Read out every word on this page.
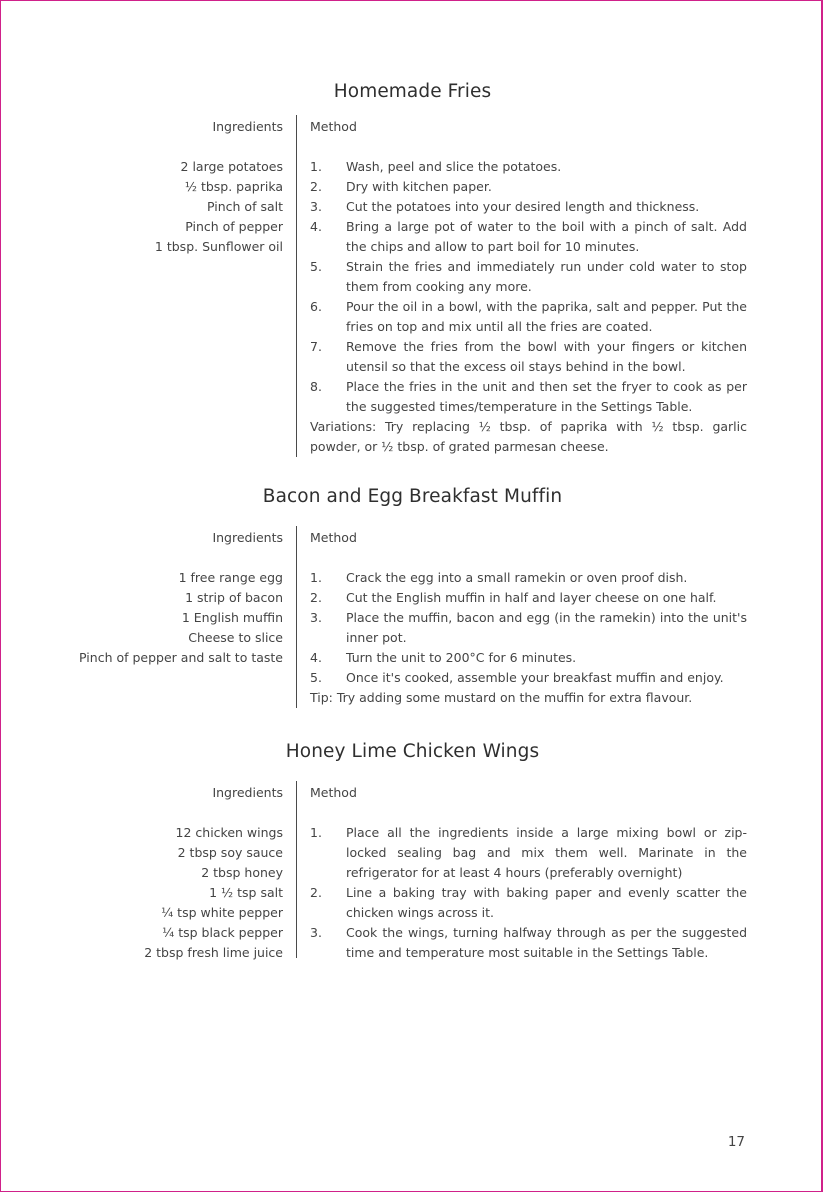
Homemade Fries
Ingredients Method
2 large potatoes
½ tbsp. paprika
Pinch of salt
Pinch of pepper
1 tbsp. Sunflower oil
1. Wash, peel and slice the potatoes.
2. Dry with kitchen paper.
3. Cut the potatoes into your desired length and thickness.
4. Bring a large pot of water to the boil with a pinch of salt. Add the chips and allow to part boil for 10 minutes.
5. Strain the fries and immediately run under cold water to stop them from cooking any more.
6. Pour the oil in a bowl, with the paprika, salt and pepper. Put the fries on top and mix until all the fries are coated.
7. Remove the fries from the bowl with your fingers or kitchen utensil so that the excess oil stays behind in the bowl.
8. Place the fries in the unit and then set the fryer to cook as per the suggested times/temperature in the Settings Table.

Variations: Try replacing ½ tbsp. of paprika with ½ tbsp. garlic powder, or ½ tbsp. of grated parmesan cheese.

Bacon and Egg Breakfast Muffin
Ingredients Method
1 free range egg
1 strip of bacon
1 English muffin
Cheese to slice
Pinch of pepper and salt to taste
1. Crack the egg into a small ramekin or oven proof dish.
2. Cut the English muffin in half and layer cheese on one half.
3. Place the muffin, bacon and egg (in the ramekin) into the unit's inner pot.
4. Turn the unit to 200°C for 6 minutes.
5. Once it's cooked, assemble your breakfast muffin and enjoy.

Tip: Try adding some mustard on the muffin for extra flavour.

Honey Lime Chicken Wings
Ingredients Method
12 chicken wings
2 tbsp soy sauce
2 tbsp honey
1 ½ tsp salt
¼ tsp white pepper
¼ tsp black pepper
2 tbsp fresh lime juice
1. Place all the ingredients inside a large mixing bowl or zip-locked sealing bag and mix them well. Marinate in the refrigerator for at least 4 hours (preferably overnight)
2. Line a baking tray with baking paper and evenly scatter the chicken wings across it.
3. Cook the wings, turning halfway through as per the suggested time and temperature most suitable in the Settings Table.
17
